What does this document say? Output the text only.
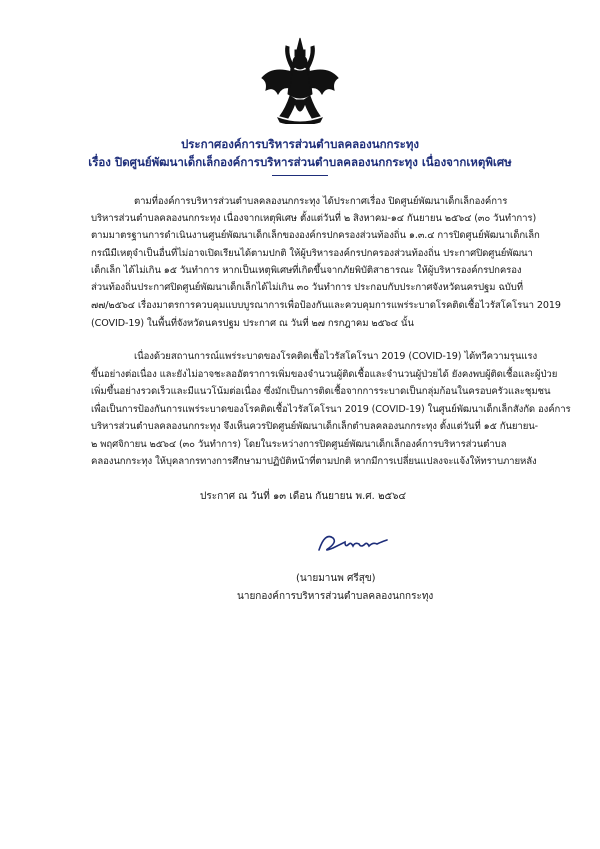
ประกาศองค์การบริหารส่วนตำบลคลองนกกระทุง
เรื่อง ปิดศูนย์พัฒนาเด็กเล็กองค์การบริหารส่วนตำบลคลองนกกระทุง เนื่องจากเหตุพิเศษ
ตามที่องค์การบริหารส่วนตำบลคลองนกกระทุง ได้ประกาศเรื่อง ปิดศูนย์พัฒนาเด็กเล็กองค์การ
บริหารส่วนตำบลคลองนกกระทุง เนื่องจากเหตุพิเศษ ตั้งแต่วันที่ ๒ สิงหาคม-๑๔ กันยายน ๒๕๖๔ (๓๐ วันทำการ)
ตามมาตรฐานการดำเนินงานศูนย์พัฒนาเด็กเล็กขององค์กรปกครองส่วนท้องถิ่น ๑.๓.๔ การปิดศูนย์พัฒนาเด็กเล็ก
กรณีมีเหตุจำเป็นอื่นที่ไม่อาจเปิดเรียนได้ตามปกติ ให้ผู้บริหารองค์กรปกครองส่วนท้องถิ่น ประกาศปิดศูนย์พัฒนา
เด็กเล็ก ได้ไม่เกิน ๑๕ วันทำการ หากเป็นเหตุพิเศษที่เกิดขึ้นจากภัยพิบัติสาธารณะ ให้ผู้บริหารองค์กรปกครอง
ส่วนท้องถิ่นประกาศปิดศูนย์พัฒนาเด็กเล็กได้ไม่เกิน ๓๐ วันทำการ ประกอบกับประกาศจังหวัดนครปฐม ฉบับที่
๗๗/๒๕๖๔ เรื่องมาตรการควบคุมแบบบูรณาการเพื่อป้องกันและควบคุมการแพร่ระบาดโรคติดเชื้อไวรัสโคโรนา 2019
(COVID-19) ในพื้นที่จังหวัดนครปฐม ประกาศ ณ วันที่ ๒๗ กรกฎาคม ๒๕๖๔ นั้น
เนื่องด้วยสถานการณ์แพร่ระบาดของโรคติดเชื้อไวรัสโคโรนา 2019 (COVID-19) ได้ทวีความรุนแรง
ขึ้นอย่างต่อเนื่อง และยังไม่อาจชะลออัตราการเพิ่มของจำนวนผู้ติดเชื้อและจำนวนผู้ป่วยได้ ยังคงพบผู้ติดเชื้อและผู้ป่วย
เพิ่มขึ้นอย่างรวดเร็วและมีแนวโน้มต่อเนื่อง ซึ่งมักเป็นการติดเชื้อจากการระบาดเป็นกลุ่มก้อนในครอบครัวและชุมชน
เพื่อเป็นการป้องกันการแพร่ระบาดของโรคติดเชื้อไวรัสโคโรนา 2019 (COVID-19) ในศูนย์พัฒนาเด็กเล็กสังกัด องค์การ
บริหารส่วนตำบลคลองนกกระทุง จึงเห็นควรปิดศูนย์พัฒนาเด็กเล็กตำบลคลองนกกระทุง ตั้งแต่วันที่ ๑๕ กันยายน-
๒ พฤศจิกายน ๒๕๖๔ (๓๐ วันทำการ) โดยในระหว่างการปิดศูนย์พัฒนาเด็กเล็กองค์การบริหารส่วนตำบล
คลองนกกระทุง ให้บุคลากรทางการศึกษามาปฏิบัติหน้าที่ตามปกติ หากมีการเปลี่ยนแปลงจะแจ้งให้ทราบภายหลัง
ประกาศ ณ วันที่ ๑๓ เดือน กันยายน พ.ศ. ๒๕๖๔
(นายมานพ ศรีสุข)
นายกองค์การบริหารส่วนตำบลคลองนกกระทุง
